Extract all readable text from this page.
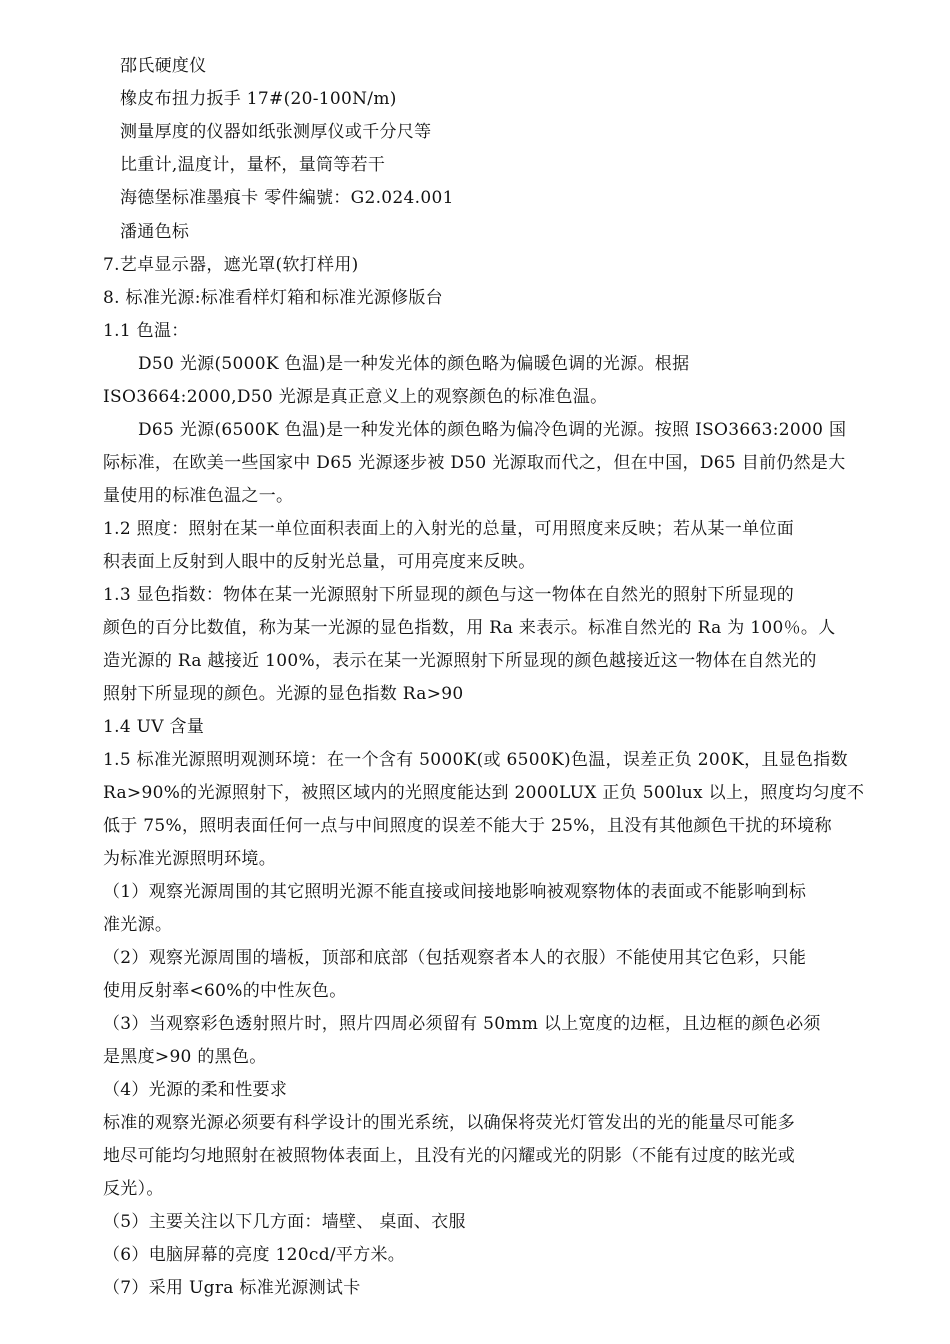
邵氏硬度仪
橡皮布扭力扳手 17#(20-100N/m)
测量厚度的仪器如纸张测厚仪或千分尺等
比重计,温度计，量杯，量筒等若干
海德堡标准墨痕卡 零件編號：G2.024.001
潘通色标
7.艺卓显示器，遮光罩(软打样用)
8. 标准光源:标准看样灯箱和标准光源修版台
1.1 色温：
D50 光源(5000K 色温)是一种发光体的颜色略为偏暖色调的光源。根据
ISO3664:2000,D50 光源是真正意义上的观察颜色的标准色温。
D65 光源(6500K 色温)是一种发光体的颜色略为偏冷色调的光源。按照 ISO3663:2000 国
际标准，在欧美一些国家中 D65 光源逐步被 D50 光源取而代之，但在中国，D65 目前仍然是大
量使用的标准色温之一。
1.2 照度：照射在某一单位面积表面上的入射光的总量，可用照度来反映；若从某一单位面
积表面上反射到人眼中的反射光总量，可用亮度来反映。
1.3 显色指数：物体在某一光源照射下所显现的颜色与这一物体在自然光的照射下所显现的
颜色的百分比数值，称为某一光源的显色指数，用 Ra 来表示。标准自然光的 Ra 为 100％。人
造光源的 Ra 越接近 100%，表示在某一光源照射下所显现的颜色越接近这一物体在自然光的
照射下所显现的颜色。光源的显色指数 Ra>90
1.4 UV 含量
1.5 标准光源照明观测环境：在一个含有 5000K(或 6500K)色温，误差正负 200K，且显色指数
Ra>90%的光源照射下，被照区域内的光照度能达到 2000LUX 正负 500lux 以上，照度均匀度不
低于 75%，照明表面任何一点与中间照度的误差不能大于 25%，且没有其他颜色干扰的环境称
为标准光源照明环境。
（1）观察光源周围的其它照明光源不能直接或间接地影响被观察物体的表面或不能影响到标
准光源。
（2）观察光源周围的墙板，顶部和底部（包括观察者本人的衣服）不能使用其它色彩，只能
使用反射率<60%的中性灰色。
（3）当观察彩色透射照片时，照片四周必须留有 50mm 以上宽度的边框，且边框的颜色必须
是黑度>90 的黑色。
（4）光源的柔和性要求
标准的观察光源必须要有科学设计的围光系统，以确保将荧光灯管发出的光的能量尽可能多
地尽可能均匀地照射在被照物体表面上，且没有光的闪耀或光的阴影（不能有过度的眩光或
反光）。
（5）主要关注以下几方面：墙壁、 桌面、衣服
（6）电脑屏幕的亮度 120cd/平方米。
（7）采用 Ugra 标准光源测试卡
